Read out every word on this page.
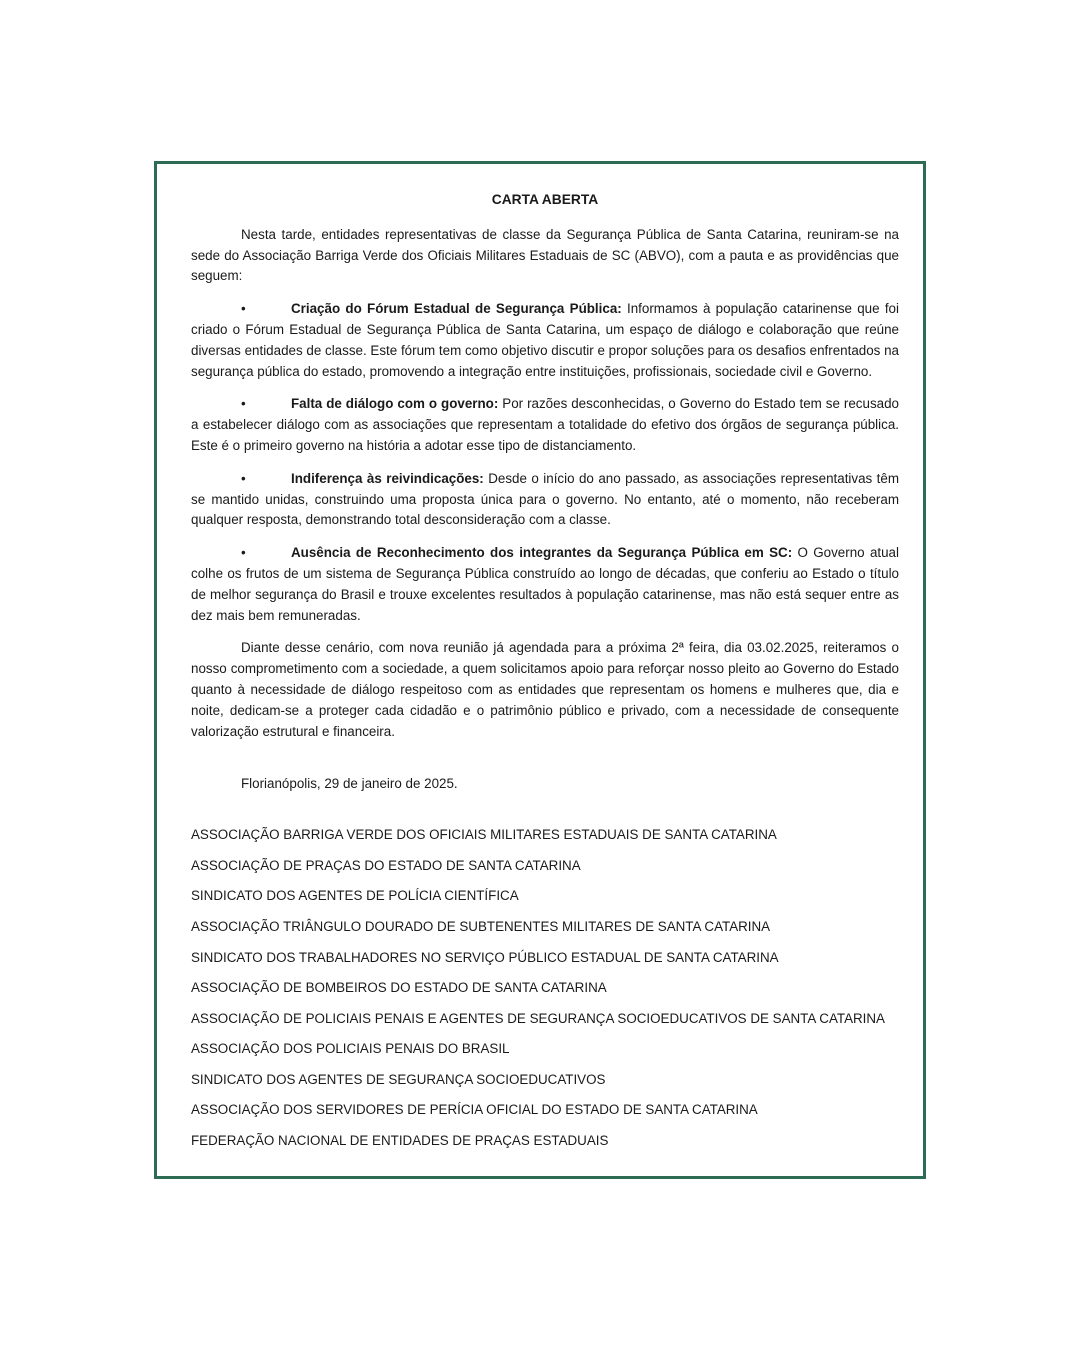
CARTA ABERTA

Nesta tarde, entidades representativas de classe da Segurança Pública de Santa Catarina, reuniram-se na sede do Associação Barriga Verde dos Oficiais Militares Estaduais de SC (ABVO), com a pauta e as providências que seguem:

•	Criação do Fórum Estadual de Segurança Pública: Informamos à população catarinense que foi criado o Fórum Estadual de Segurança Pública de Santa Catarina, um espaço de diálogo e colaboração que reúne diversas entidades de classe. Este fórum tem como objetivo discutir e propor soluções para os desafios enfrentados na segurança pública do estado, promovendo a integração entre instituições, profissionais, sociedade civil e Governo.

•	Falta de diálogo com o governo: Por razões desconhecidas, o Governo do Estado tem se recusado a estabelecer diálogo com as associações que representam a totalidade do efetivo dos órgãos de segurança pública. Este é o primeiro governo na história a adotar esse tipo de distanciamento.

•	Indiferença às reivindicações: Desde o início do ano passado, as associações representativas têm se mantido unidas, construindo uma proposta única para o governo. No entanto, até o momento, não receberam qualquer resposta, demonstrando total desconsideração com a classe.

•	Ausência de Reconhecimento dos integrantes da Segurança Pública em SC: O Governo atual colhe os frutos de um sistema de Segurança Pública construído ao longo de décadas, que conferiu ao Estado o título de melhor segurança do Brasil e trouxe excelentes resultados à população catarinense, mas não está sequer entre as dez mais bem remuneradas.

Diante desse cenário, com nova reunião já agendada para a próxima 2ª feira, dia 03.02.2025, reiteramos o nosso comprometimento com a sociedade, a quem solicitamos apoio para reforçar nosso pleito ao Governo do Estado quanto à necessidade de diálogo respeitoso com as entidades que representam os homens e mulheres que, dia e noite, dedicam-se a proteger cada cidadão e o patrimônio público e privado, com a necessidade de consequente valorização estrutural e financeira.

Florianópolis, 29 de janeiro de 2025.

ASSOCIAÇÃO BARRIGA VERDE DOS OFICIAIS MILITARES ESTADUAIS DE SANTA CATARINA
ASSOCIAÇÃO DE PRAÇAS DO ESTADO DE SANTA CATARINA
SINDICATO DOS AGENTES DE POLÍCIA CIENTÍFICA
ASSOCIAÇÃO TRIÂNGULO DOURADO DE SUBTENENTES MILITARES DE SANTA CATARINA
SINDICATO DOS TRABALHADORES NO SERVIÇO PÚBLICO ESTADUAL DE SANTA CATARINA
ASSOCIAÇÃO DE BOMBEIROS DO ESTADO DE SANTA CATARINA
ASSOCIAÇÃO DE POLICIAIS PENAIS E AGENTES DE SEGURANÇA SOCIOEDUCATIVOS DE SANTA CATARINA
ASSOCIAÇÃO DOS POLICIAIS PENAIS DO BRASIL
SINDICATO DOS AGENTES DE SEGURANÇA SOCIOEDUCATIVOS
ASSOCIAÇÃO DOS SERVIDORES DE PERÍCIA OFICIAL DO ESTADO DE SANTA CATARINA
FEDERAÇÃO NACIONAL DE ENTIDADES DE PRAÇAS ESTADUAIS
